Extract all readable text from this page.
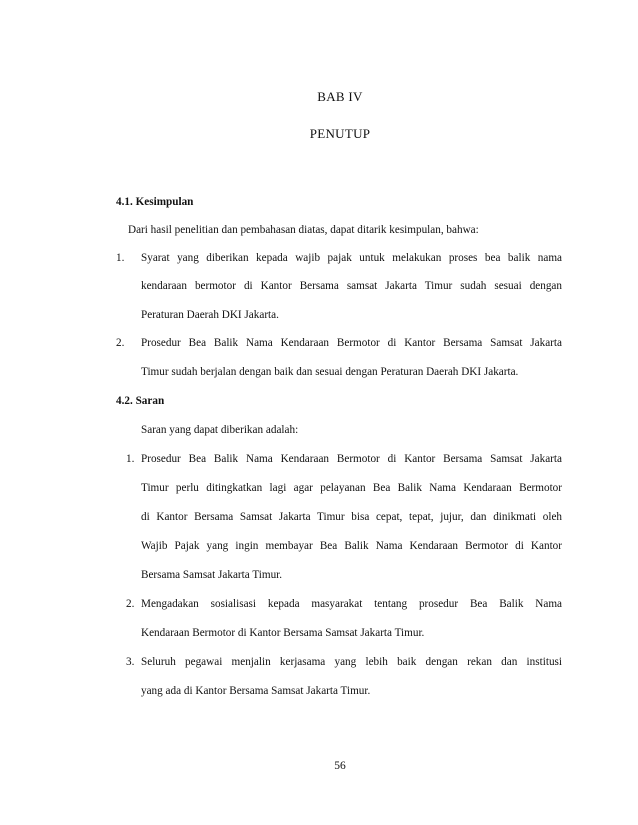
BAB IV
PENUTUP
4.1. Kesimpulan
Dari hasil penelitian dan pembahasan diatas, dapat ditarik kesimpulan, bahwa:
1. Syarat yang diberikan kepada wajib pajak untuk melakukan proses bea balik nama
kendaraan bermotor di Kantor Bersama samsat Jakarta Timur sudah sesuai dengan
Peraturan Daerah DKI Jakarta.
2. Prosedur Bea Balik Nama Kendaraan Bermotor di Kantor Bersama Samsat Jakarta
Timur sudah berjalan dengan baik dan sesuai dengan Peraturan Daerah DKI Jakarta.
4.2. Saran
Saran yang dapat diberikan adalah:
1. Prosedur Bea Balik Nama Kendaraan Bermotor di Kantor Bersama Samsat Jakarta
Timur perlu ditingkatkan lagi agar pelayanan Bea Balik Nama Kendaraan Bermotor
di Kantor Bersama Samsat Jakarta Timur bisa cepat, tepat, jujur, dan dinikmati oleh
Wajib Pajak yang ingin membayar Bea Balik Nama Kendaraan Bermotor di Kantor
Bersama Samsat Jakarta Timur.
2. Mengadakan sosialisasi kepada masyarakat tentang prosedur Bea Balik Nama
Kendaraan Bermotor di Kantor Bersama Samsat Jakarta Timur.
3. Seluruh pegawai menjalin kerjasama yang lebih baik dengan rekan dan institusi
yang ada di Kantor Bersama Samsat Jakarta Timur.
56
